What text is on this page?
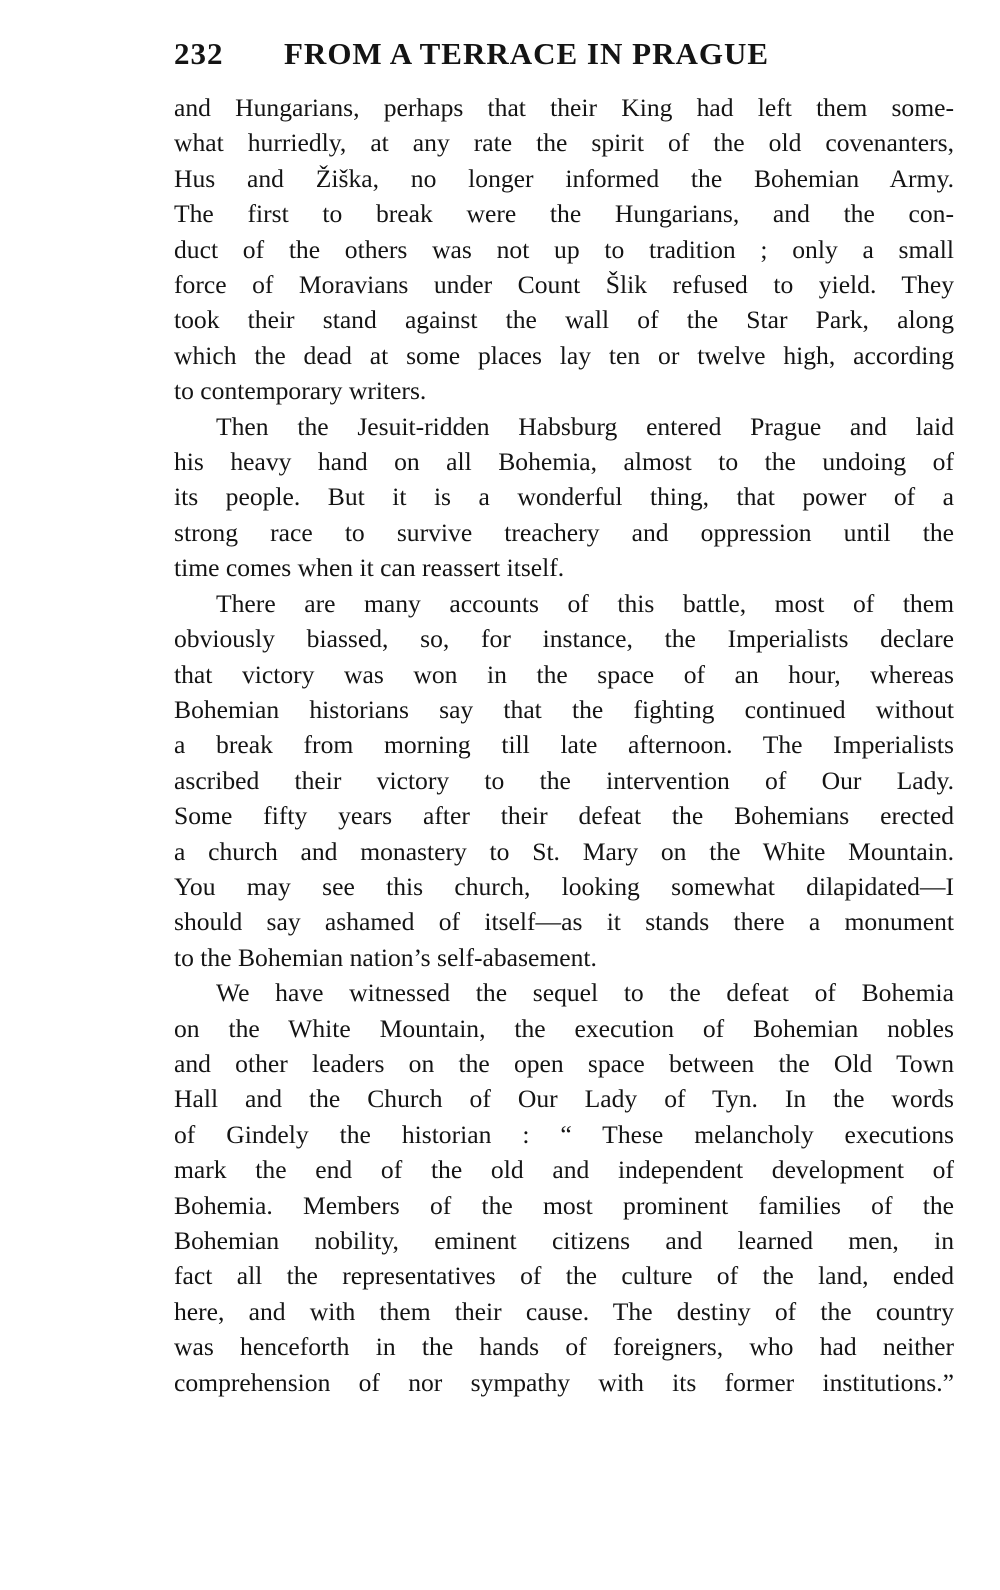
232	FROM A TERRACE IN PRAGUE
and Hungarians, perhaps that their King had left them some-
what hurriedly, at any rate the spirit of the old covenanters,
Hus and Žiška, no longer informed the Bohemian Army.
The first to break were the Hungarians, and the con-
duct of the others was not up to tradition ; only a small
force of Moravians under Count Šlik refused to yield. They
took their stand against the wall of the Star Park, along
which the dead at some places lay ten or twelve high, according
to contemporary writers.
Then the Jesuit-ridden Habsburg entered Prague and laid
his heavy hand on all Bohemia, almost to the undoing of
its people. But it is a wonderful thing, that power of a
strong race to survive treachery and oppression until the
time comes when it can reassert itself.
There are many accounts of this battle, most of them
obviously biassed, so, for instance, the Imperialists declare
that victory was won in the space of an hour, whereas
Bohemian historians say that the fighting continued without
a break from morning till late afternoon. The Imperialists
ascribed their victory to the intervention of Our Lady.
Some fifty years after their defeat the Bohemians erected
a church and monastery to St. Mary on the White Mountain.
You may see this church, looking somewhat dilapidated—I
should say ashamed of itself—as it stands there a monument
to the Bohemian nation’s self-abasement.
We have witnessed the sequel to the defeat of Bohemia
on the White Mountain, the execution of Bohemian nobles
and other leaders on the open space between the Old Town
Hall and the Church of Our Lady of Tyn. In the words
of Gindely the historian : “ These melancholy executions
mark the end of the old and independent development of
Bohemia. Members of the most prominent families of the
Bohemian nobility, eminent citizens and learned men, in
fact all the representatives of the culture of the land, ended
here, and with them their cause. The destiny of the country
was henceforth in the hands of foreigners, who had neither
comprehension of nor sympathy with its former institutions.”
